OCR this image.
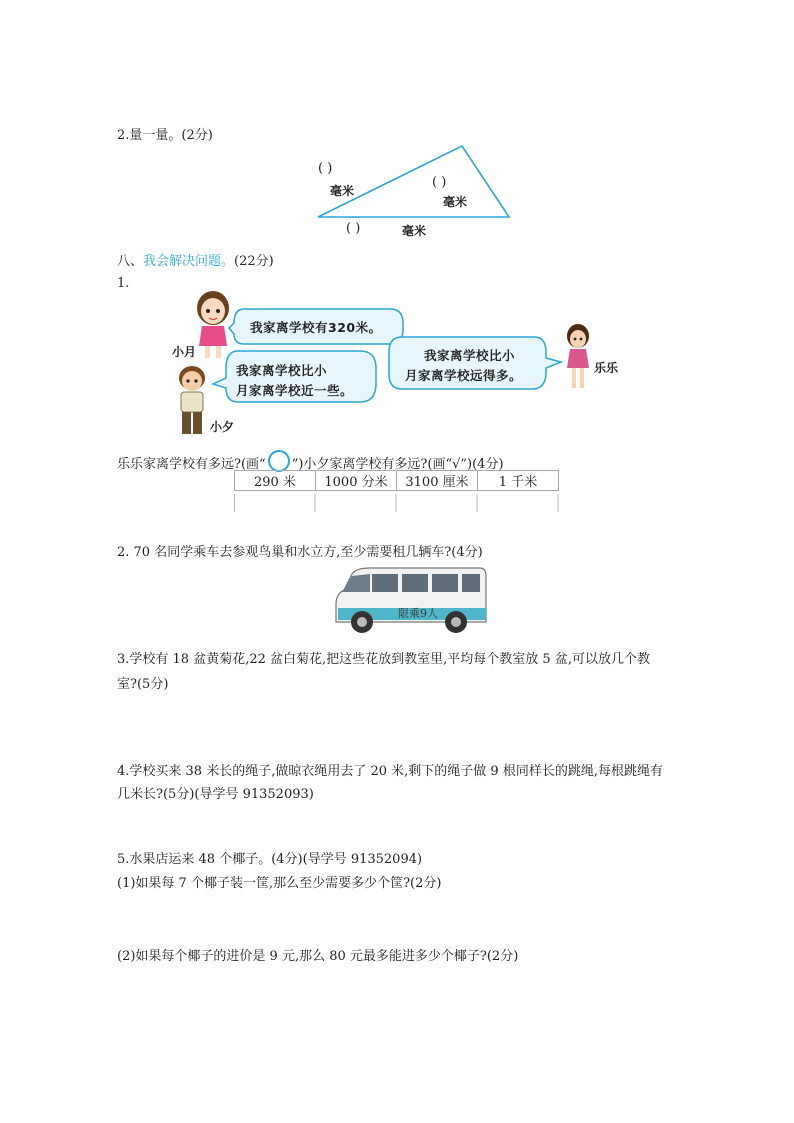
2.量一量。(2分)
( )
毫米
( )
毫米
( )	毫米
八、我会解决问题。(22分)
1.
小月
我家离学校有320米。
小夕
我家离学校比小
月家离学校近一些。
我家离学校比小
月家离学校远得多。	乐乐
乐乐家离学校有多远?(画“ ○ ”)小夕家离学校有多远?(画“√”)(4分)
290 米	1000 分米	3100 厘米	1 千米
2. 70 名同学乘车去参观鸟巢和水立方,至少需要租几辆车?(4分)
限乘9人
3.学校有 18 盆黄菊花,22 盆白菊花,把这些花放到教室里,平均每个教室放 5 盆,可以放几个教
室?(5分)
4.学校买来 38 米长的绳子,做晾衣绳用去了 20 米,剩下的绳子做 9 根同样长的跳绳,每根跳绳有
几米长?(5分)(导学号 91352093)
5.水果店运来 48 个椰子。(4分)(导学号 91352094)
(1)如果每 7 个椰子装一筐,那么至少需要多少个筐?(2分)
(2)如果每个椰子的进价是 9 元,那么 80 元最多能进多少个椰子?(2分)
